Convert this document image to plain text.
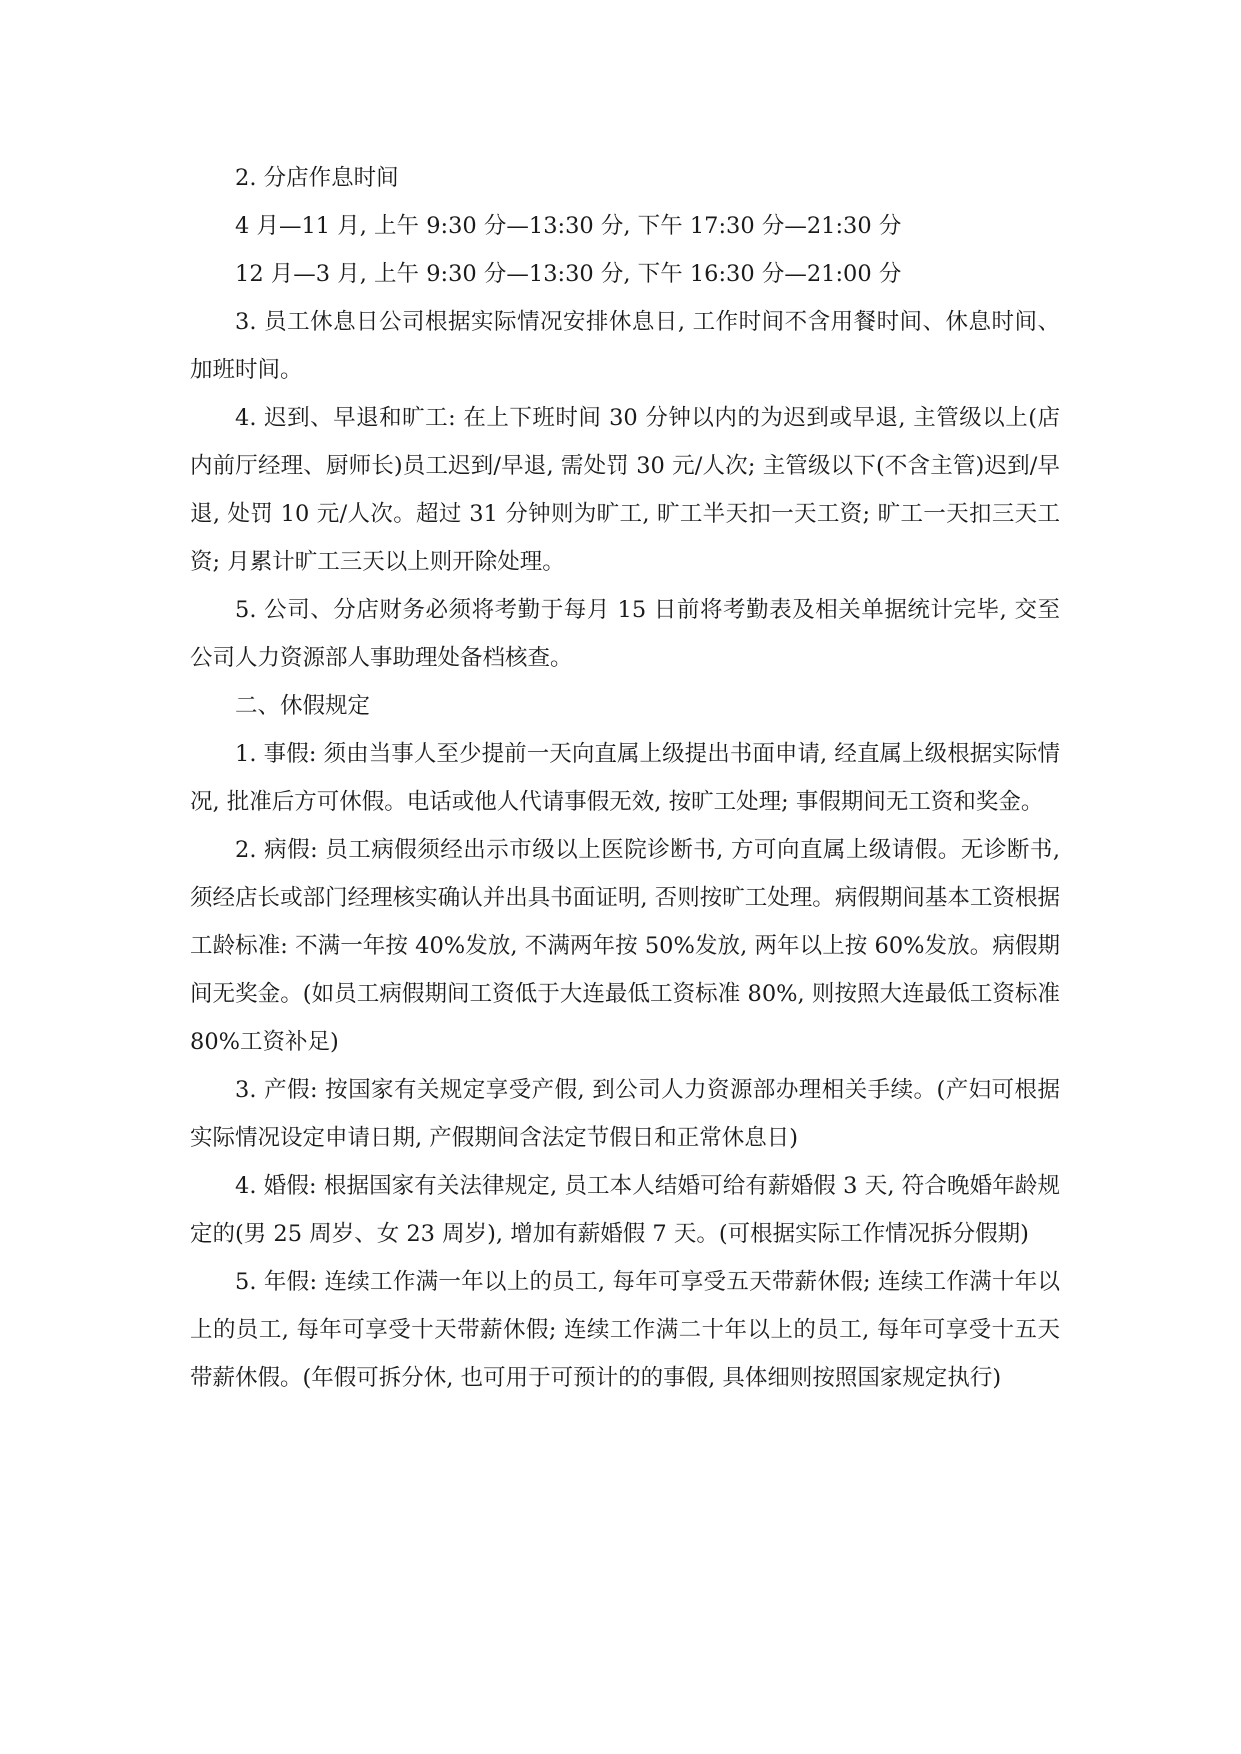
2. 分店作息时间

4 月—11 月, 上午 9:30 分—13:30 分, 下午 17:30 分—21:30 分

12 月—3 月, 上午 9:30 分—13:30 分, 下午 16:30 分—21:00 分

3. 员工休息日公司根据实际情况安排休息日, 工作时间不含用餐时间、休息时间、加班时间。

4. 迟到、早退和旷工: 在上下班时间 30 分钟以内的为迟到或早退, 主管级以上(店内前厅经理、厨师长)员工迟到/早退, 需处罚 30 元/人次; 主管级以下(不含主管)迟到/早退, 处罚 10 元/人次。超过 31 分钟则为旷工, 旷工半天扣一天工资; 旷工一天扣三天工资; 月累计旷工三天以上则开除处理。

5. 公司、分店财务必须将考勤于每月 15 日前将考勤表及相关单据统计完毕, 交至公司人力资源部人事助理处备档核查。

二、休假规定

1. 事假: 须由当事人至少提前一天向直属上级提出书面申请, 经直属上级根据实际情况, 批准后方可休假。电话或他人代请事假无效, 按旷工处理; 事假期间无工资和奖金。

2. 病假: 员工病假须经出示市级以上医院诊断书, 方可向直属上级请假。无诊断书, 须经店长或部门经理核实确认并出具书面证明, 否则按旷工处理。病假期间基本工资根据工龄标准: 不满一年按 40%发放, 不满两年按 50%发放, 两年以上按 60%发放。病假期间无奖金。(如员工病假期间工资低于大连最低工资标准 80%, 则按照大连最低工资标准 80%工资补足)

3. 产假: 按国家有关规定享受产假, 到公司人力资源部办理相关手续。(产妇可根据实际情况设定申请日期, 产假期间含法定节假日和正常休息日)

4. 婚假: 根据国家有关法律规定, 员工本人结婚可给有薪婚假 3 天, 符合晚婚年龄规定的(男 25 周岁、女 23 周岁), 增加有薪婚假 7 天。(可根据实际工作情况拆分假期)

5. 年假: 连续工作满一年以上的员工, 每年可享受五天带薪休假; 连续工作满十年以上的员工, 每年可享受十天带薪休假; 连续工作满二十年以上的员工, 每年可享受十五天带薪休假。(年假可拆分休, 也可用于可预计的的事假, 具体细则按照国家规定执行)
